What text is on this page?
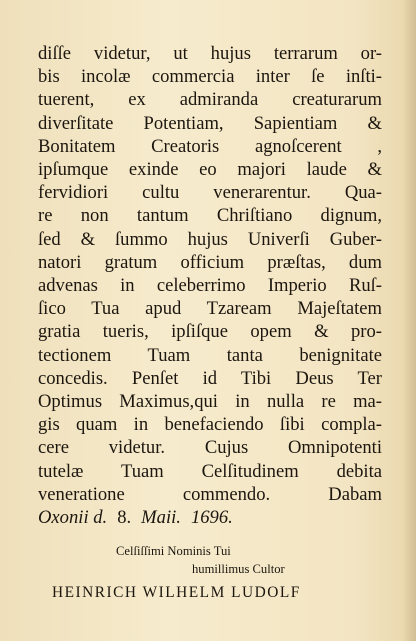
diſſe videtur, ut hujus terrarum or-
bis incolæ commercia inter ſe inſti-
tuerent, ex admiranda creaturarum
diverſitate Potentiam, Sapientiam &
Bonitatem Creatoris agnoſcerent ,
ipſumque exinde eo majori laude &
fervidiori cultu venerarentur. Qua-
re non tantum Chriſtiano dignum,
ſed & ſummo hujus Univerſi Guber-
natori gratum officium præſtas, dum
advenas in celeberrimo Imperio Ruſ-
ſico Tua apud Tzaream Majeſtatem
gratia tueris, ipſiſque opem & pro-
tectionem Tuam tanta benignitate
concedis. Penſet id Tibi Deus Ter
Optimus Maximus,qui in nulla re ma-
gis quam in benefaciendo ſibi compla-
cere videtur. Cujus Omnipotenti
tutelæ Tuam Celſitudinem debita
veneratione commendo. Dabam
Oxonii d. 8. Maii. 1696.
Celſiſſimi Nominis Tui
humillimus Cultor
HEINRICH WILHELM LUDOLF
